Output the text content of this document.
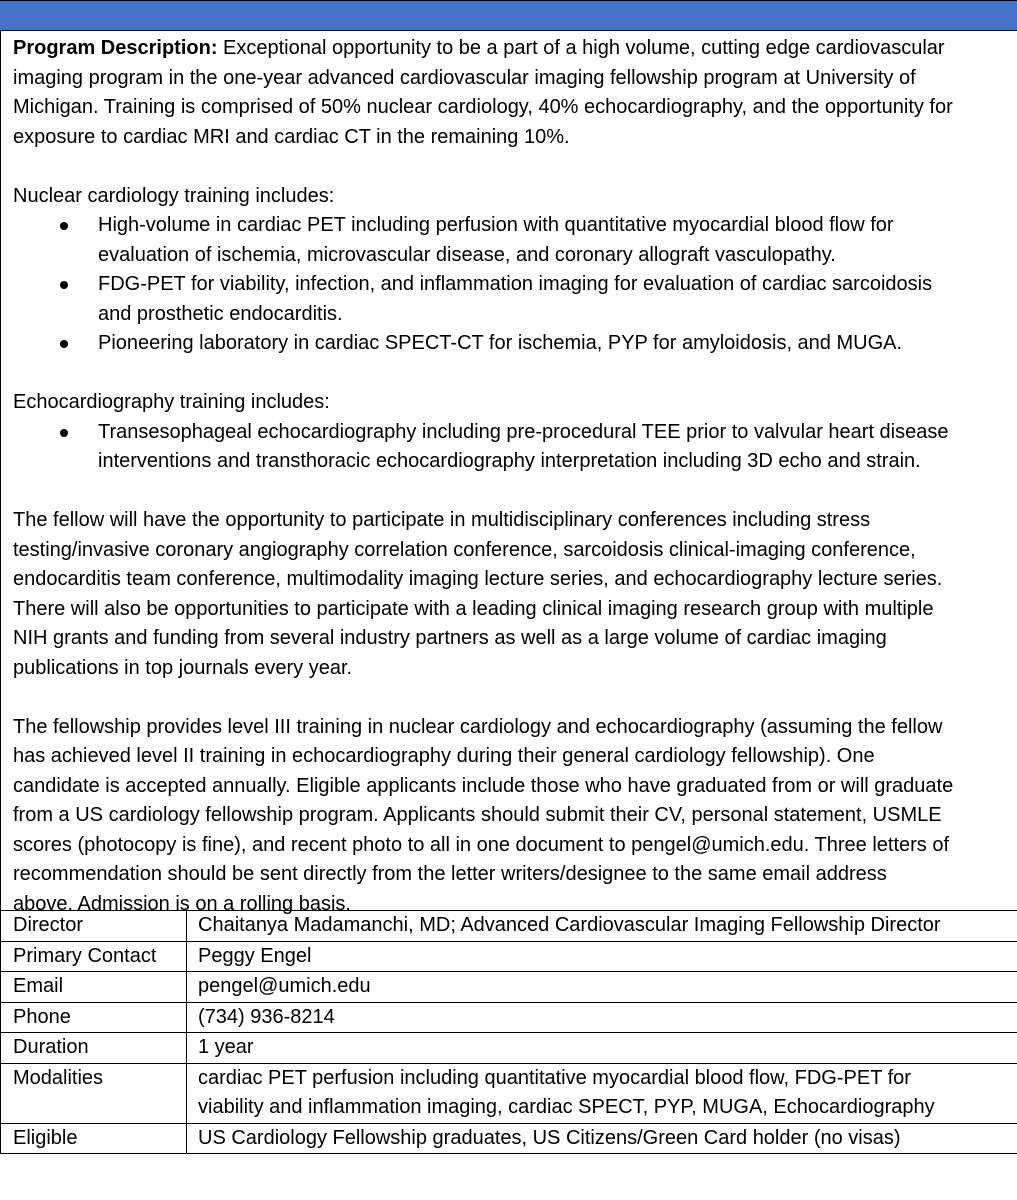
Program Description: Exceptional opportunity to be a part of a high volume, cutting edge cardiovascular
imaging program in the one-year advanced cardiovascular imaging fellowship program at University of
Michigan. Training is comprised of 50% nuclear cardiology, 40% echocardiography, and the opportunity for
exposure to cardiac MRI and cardiac CT in the remaining 10%.

Nuclear cardiology training includes:

High-volume in cardiac PET including perfusion with quantitative myocardial blood flow for
evaluation of ischemia, microvascular disease, and coronary allograft vasculopathy.
FDG-PET for viability, infection, and inflammation imaging for evaluation of cardiac sarcoidosis
and prosthetic endocarditis.
Pioneering laboratory in cardiac SPECT-CT for ischemia, PYP for amyloidosis, and MUGA.

Echocardiography training includes:

Transesophageal echocardiography including pre-procedural TEE prior to valvular heart disease
interventions and transthoracic echocardiography interpretation including 3D echo and strain.

The fellow will have the opportunity to participate in multidisciplinary conferences including stress
testing/invasive coronary angiography correlation conference, sarcoidosis clinical-imaging conference,
endocarditis team conference, multimodality imaging lecture series, and echocardiography lecture series.
There will also be opportunities to participate with a leading clinical imaging research group with multiple
NIH grants and funding from several industry partners as well as a large volume of cardiac imaging
publications in top journals every year.

The fellowship provides level III training in nuclear cardiology and echocardiography (assuming the fellow
has achieved level II training in echocardiography during their general cardiology fellowship). One
candidate is accepted annually. Eligible applicants include those who have graduated from or will graduate
from a US cardiology fellowship program. Applicants should submit their CV, personal statement, USMLE
scores (photocopy is fine), and recent photo to all in one document to pengel@umich.edu. Three letters of
recommendation should be sent directly from the letter writers/designee to the same email address
above. Admission is on a rolling basis.

Director	Chaitanya Madamanchi, MD; Advanced Cardiovascular Imaging Fellowship Director
Primary Contact	Peggy Engel
Email	pengel@umich.edu
Phone	(734) 936-8214
Duration	1 year
Modalities	cardiac PET perfusion including quantitative myocardial blood flow, FDG-PET for
viability and inflammation imaging, cardiac SPECT, PYP, MUGA, Echocardiography

Eligible	US Cardiology Fellowship graduates, US Citizens/Green Card holder (no visas)
